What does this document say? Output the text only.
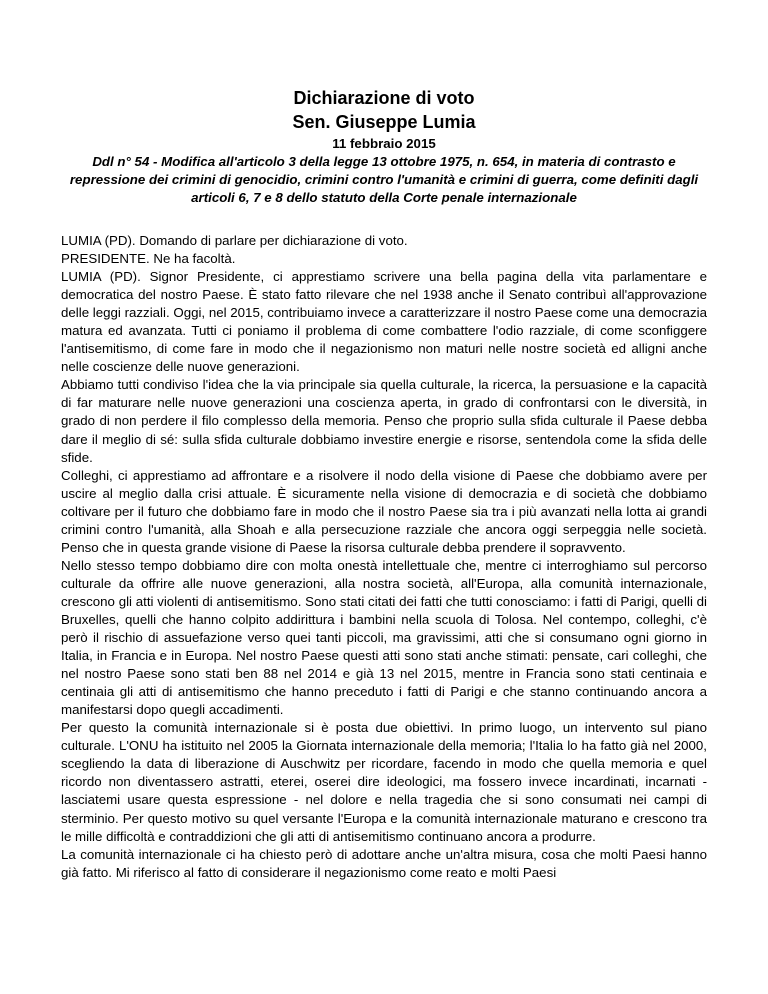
Dichiarazione di voto
Sen. Giuseppe Lumia
11 febbraio 2015
Ddl n° 54 - Modifica all'articolo 3 della legge 13 ottobre 1975, n. 654, in materia di contrasto e repressione dei crimini di genocidio, crimini contro l'umanità e crimini di guerra, come definiti dagli articoli 6, 7 e 8 dello statuto della Corte penale internazionale

LUMIA (PD). Domando di parlare per dichiarazione di voto.

PRESIDENTE. Ne ha facoltà.

LUMIA (PD). Signor Presidente, ci apprestiamo scrivere una bella pagina della vita parlamentare e democratica del nostro Paese. È stato fatto rilevare che nel 1938 anche il Senato contribuì all'approvazione delle leggi razziali. Oggi, nel 2015, contribuiamo invece a caratterizzare il nostro Paese come una democrazia matura ed avanzata. Tutti ci poniamo il problema di come combattere l'odio razziale, di come sconfiggere l'antisemitismo, di come fare in modo che il negazionismo non maturi nelle nostre società ed alligni anche nelle coscienze delle nuove generazioni.

Abbiamo tutti condiviso l'idea che la via principale sia quella culturale, la ricerca, la persuasione e la capacità di far maturare nelle nuove generazioni una coscienza aperta, in grado di confrontarsi con le diversità, in grado di non perdere il filo complesso della memoria. Penso che proprio sulla sfida culturale il Paese debba dare il meglio di sé: sulla sfida culturale dobbiamo investire energie e risorse, sentendola come la sfida delle sfide.

Colleghi, ci apprestiamo ad affrontare e a risolvere il nodo della visione di Paese che dobbiamo avere per uscire al meglio dalla crisi attuale. È sicuramente nella visione di democrazia e di società che dobbiamo coltivare per il futuro che dobbiamo fare in modo che il nostro Paese sia tra i più avanzati nella lotta ai grandi crimini contro l'umanità, alla Shoah e alla persecuzione razziale che ancora oggi serpeggia nelle società. Penso che in questa grande visione di Paese la risorsa culturale debba prendere il sopravvento.

Nello stesso tempo dobbiamo dire con molta onestà intellettuale che, mentre ci interroghiamo sul percorso culturale da offrire alle nuove generazioni, alla nostra società, all'Europa, alla comunità internazionale, crescono gli atti violenti di antisemitismo. Sono stati citati dei fatti che tutti conosciamo: i fatti di Parigi, quelli di Bruxelles, quelli che hanno colpito addirittura i bambini nella scuola di Tolosa. Nel contempo, colleghi, c'è però il rischio di assuefazione verso quei tanti piccoli, ma gravissimi, atti che si consumano ogni giorno in Italia, in Francia e in Europa. Nel nostro Paese questi atti sono stati anche stimati: pensate, cari colleghi, che nel nostro Paese sono stati ben 88 nel 2014 e già 13 nel 2015, mentre in Francia sono stati centinaia e centinaia gli atti di antisemitismo che hanno preceduto i fatti di Parigi e che stanno continuando ancora a manifestarsi dopo quegli accadimenti.

Per questo la comunità internazionale si è posta due obiettivi. In primo luogo, un intervento sul piano culturale. L'ONU ha istituito nel 2005 la Giornata internazionale della memoria; l'Italia lo ha fatto già nel 2000, scegliendo la data di liberazione di Auschwitz per ricordare, facendo in modo che quella memoria e quel ricordo non diventassero astratti, eterei, oserei dire ideologici, ma fossero invece incardinati, incarnati - lasciatemi usare questa espressione - nel dolore e nella tragedia che si sono consumati nei campi di sterminio. Per questo motivo su quel versante l'Europa e la comunità internazionale maturano e crescono tra le mille difficoltà e contraddizioni che gli atti di antisemitismo continuano ancora a produrre.

La comunità internazionale ci ha chiesto però di adottare anche un'altra misura, cosa che molti Paesi hanno già fatto. Mi riferisco al fatto di considerare il negazionismo come reato e molti Paesi
